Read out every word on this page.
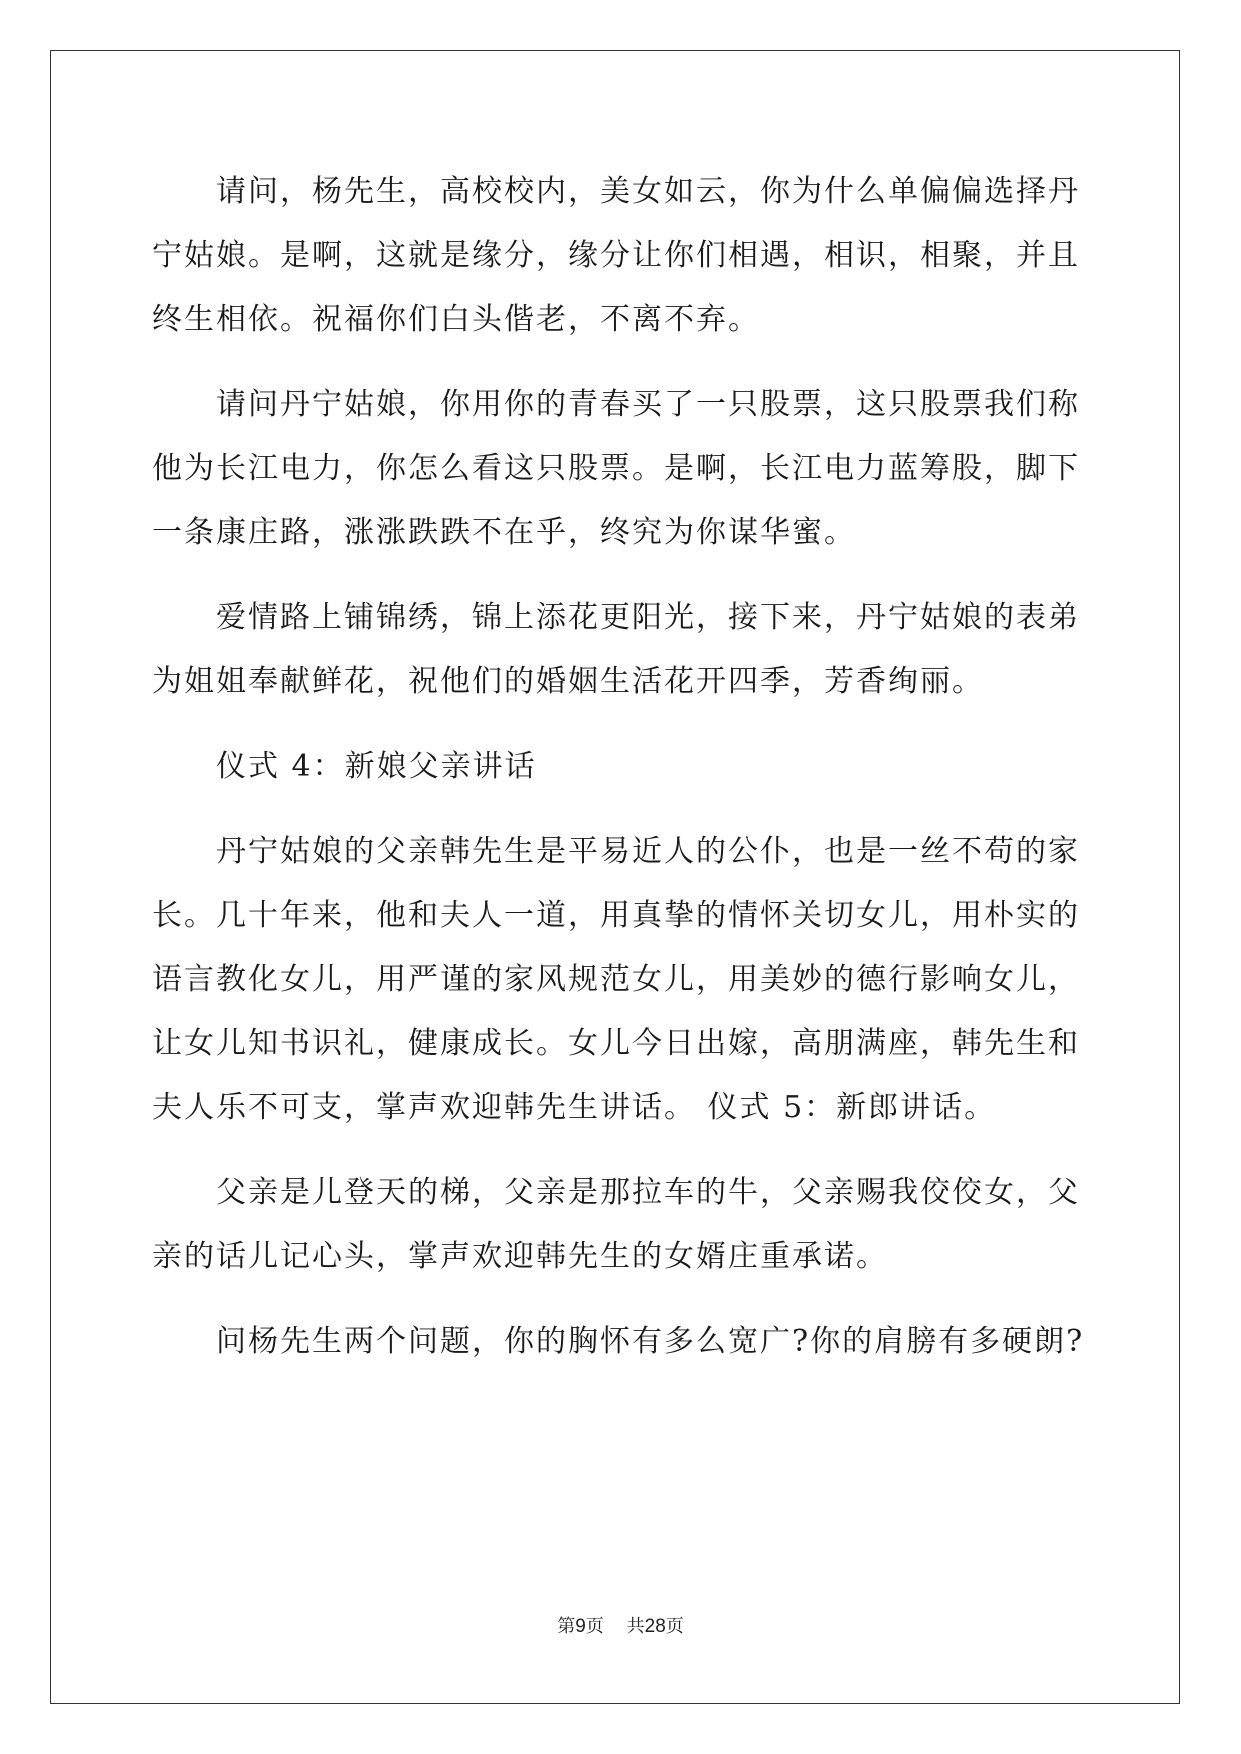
请问，杨先生，高校校内，美女如云，你为什么单偏偏选择丹宁姑娘。是啊，这就是缘分，缘分让你们相遇，相识，相聚，并且终生相依。祝福你们白头偕老，不离不弃。

请问丹宁姑娘，你用你的青春买了一只股票，这只股票我们称他为长江电力，你怎么看这只股票。是啊，长江电力蓝筹股，脚下一条康庄路，涨涨跌跌不在乎，终究为你谋华蜜。

爱情路上铺锦绣，锦上添花更阳光，接下来，丹宁姑娘的表弟为姐姐奉献鲜花，祝他们的婚姻生活花开四季，芳香绚丽。

仪式 4：新娘父亲讲话

丹宁姑娘的父亲韩先生是平易近人的公仆，也是一丝不苟的家长。几十年来，他和夫人一道，用真挚的情怀关切女儿，用朴实的语言教化女儿，用严谨的家风规范女儿，用美妙的德行影响女儿，让女儿知书识礼，健康成长。女儿今日出嫁，高朋满座，韩先生和夫人乐不可支，掌声欢迎韩先生讲话。 仪式 5：新郎讲话。

父亲是儿登天的梯，父亲是那拉车的牛，父亲赐我佼佼女，父亲的话儿记心头，掌声欢迎韩先生的女婿庄重承诺。

问杨先生两个问题，你的胸怀有多么宽广?你的肩膀有多硬朗?

第9页    共28页
